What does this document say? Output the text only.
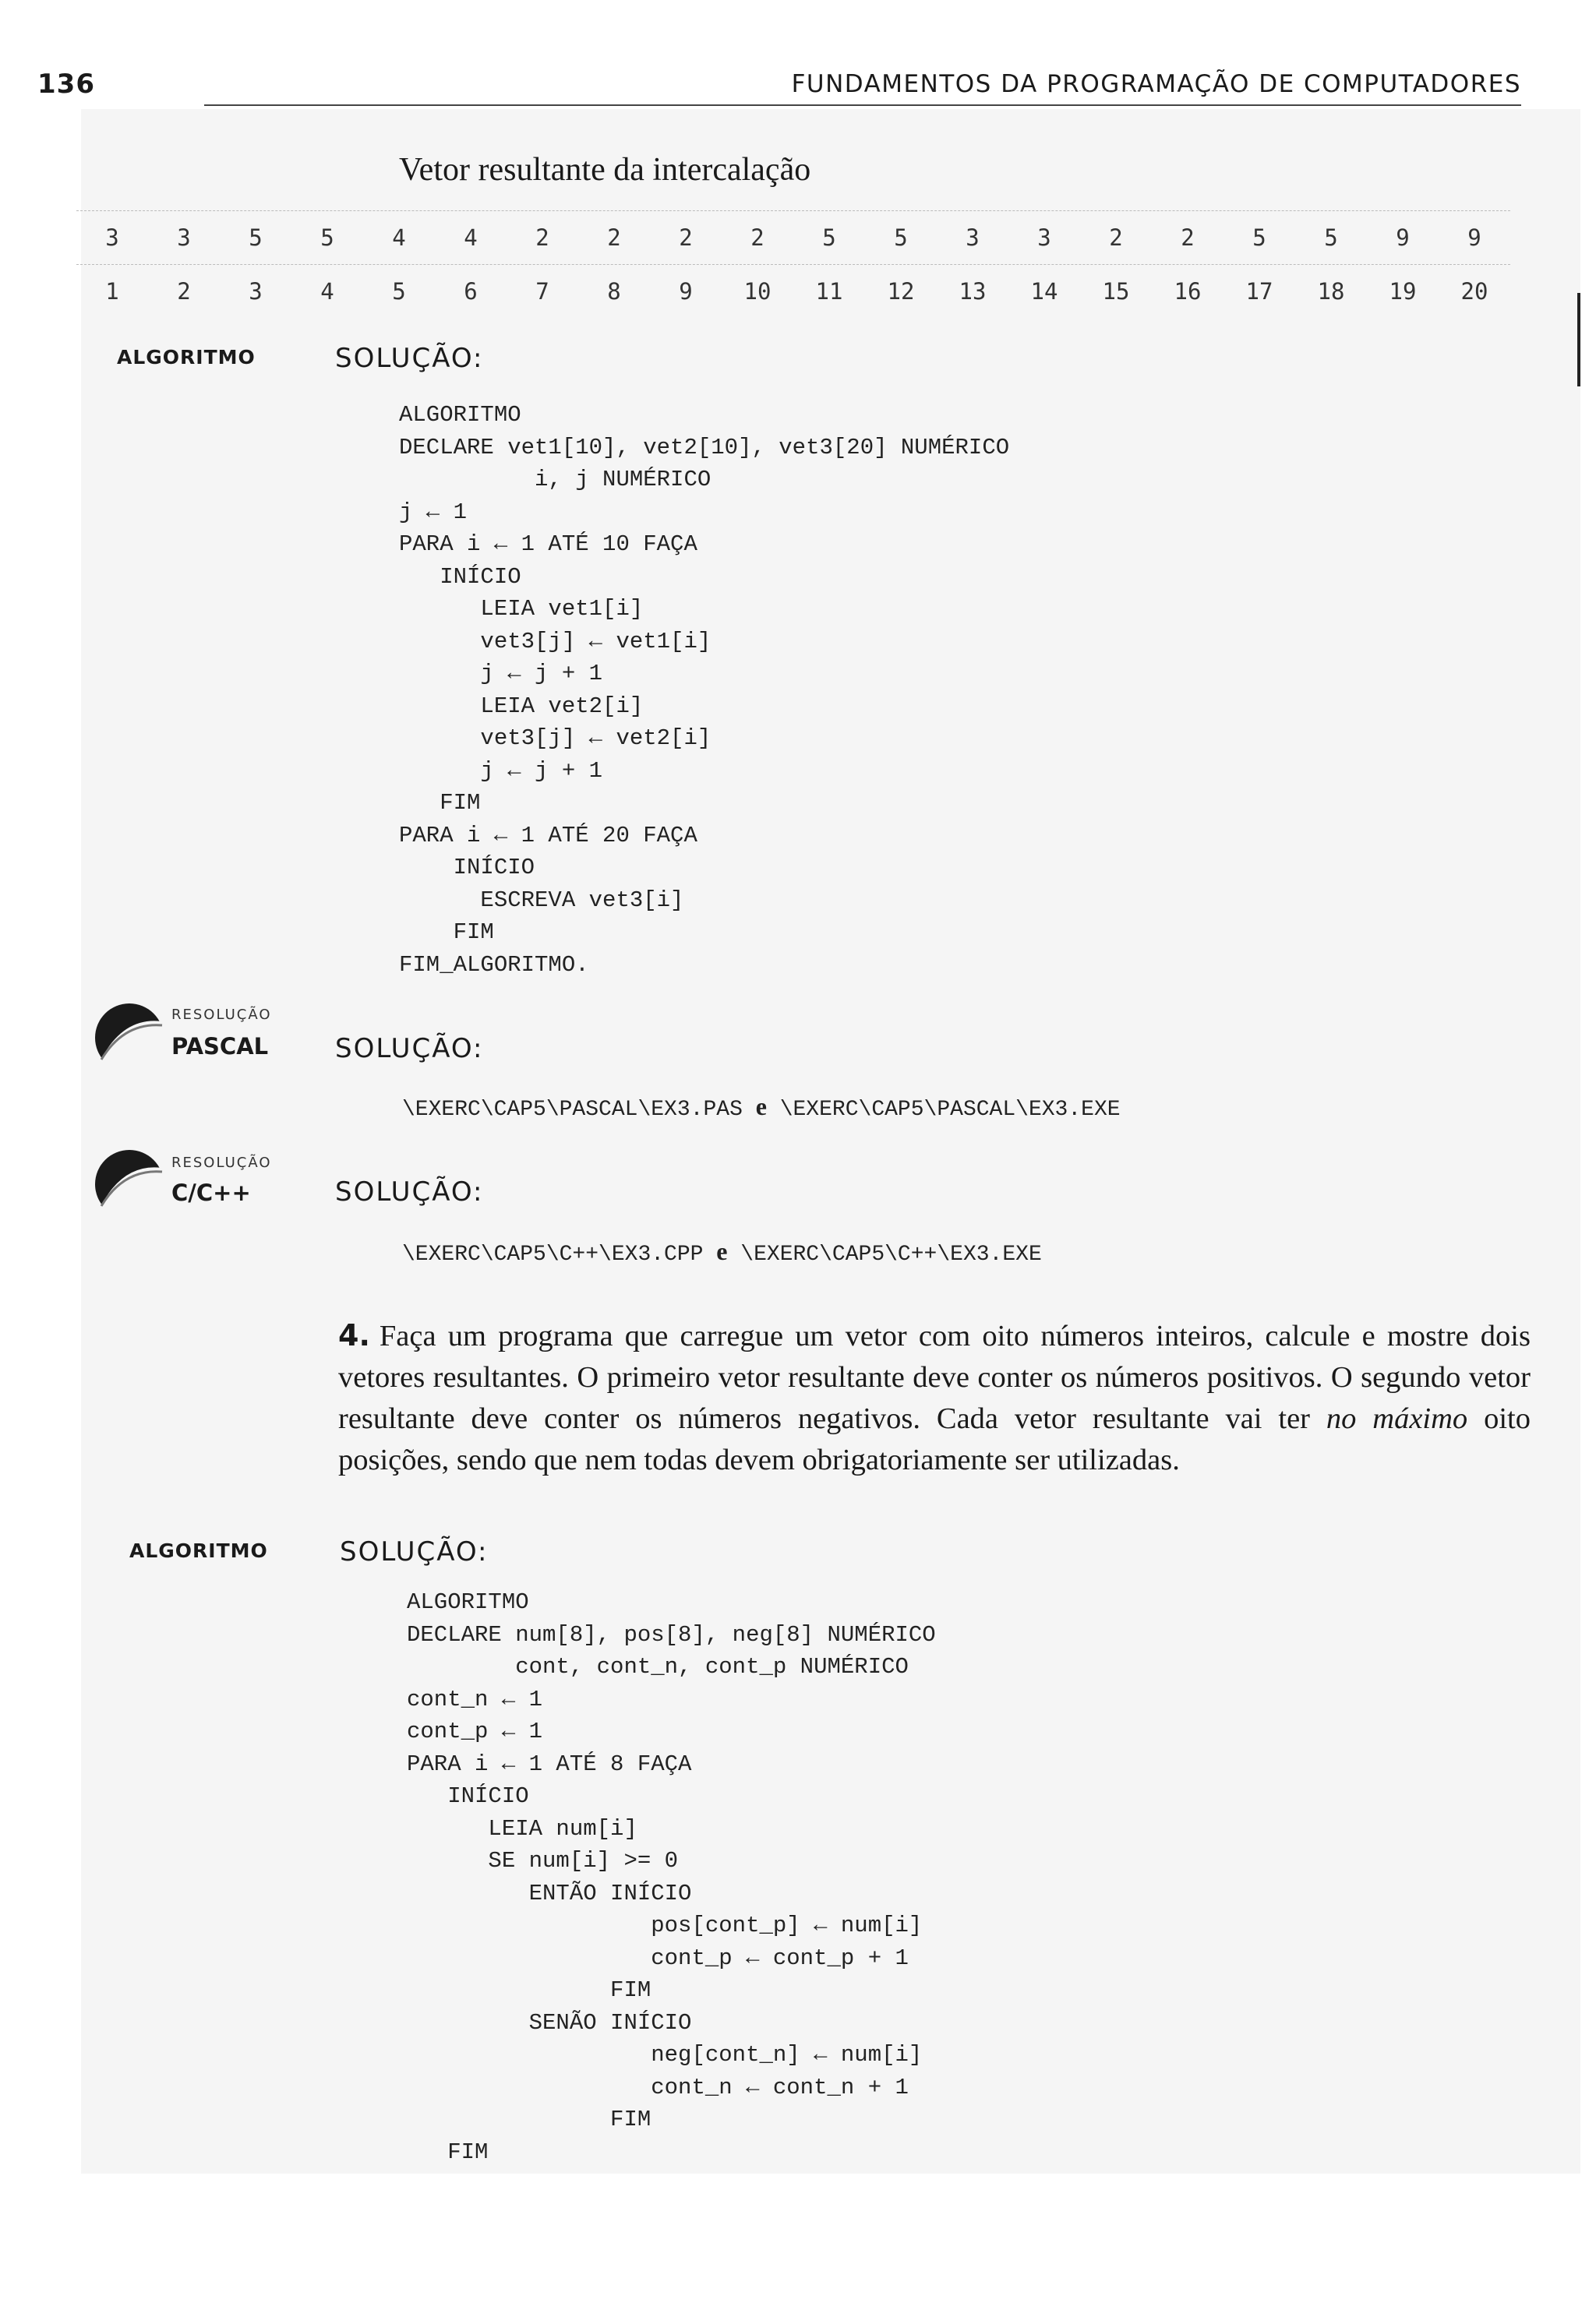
136	FUNDAMENTOS DA PROGRAMAÇÃO DE COMPUTADORES
Vetor resultante da intercalação
3	3	5	5	4	4	2	2	2	2	5	5	3	3	2	2	5	5	9	9
1	2	3	4	5	6	7	8	9	10	11	12	13	14	15	16	17	18	19	20
ALGORITMO	SOLUÇÃO:
ALGORITMO
DECLARE vet1[10], vet2[10], vet3[20] NUMÉRICO
i, j NUMÉRICO
j ← 1
PARA i ← 1 ATÉ 10 FAÇA
INÍCIO
LEIA vet1[i]
vet3[j] ← vet1[i]
j ← j + 1
LEIA vet2[i]
vet3[j] ← vet2[i]
j ← j + 1
FIM
PARA i ← 1 ATÉ 20 FAÇA
INÍCIO
ESCREVA vet3[i]
FIM
FIM_ALGORITMO.
RESOLUÇÃO
PASCAL	SOLUÇÃO:
\EXERC\CAP5\PASCAL\EX3.PAS e \EXERC\CAP5\PASCAL\EX3.EXE
RESOLUÇÃO
C/C++	SOLUÇÃO:
\EXERC\CAP5\C++\EX3.CPP e \EXERC\CAP5\C++\EX3.EXE
4. Faça um programa que carregue um vetor com oito números inteiros, calcule e mostre dois vetores resultantes. O primeiro vetor resultante deve conter os números positivos. O segundo vetor resultante deve conter os números negativos. Cada vetor resultante vai ter no máximo oito posições, sendo que nem todas devem obrigatoriamente ser utilizadas.
ALGORITMO	SOLUÇÃO:
ALGORITMO
DECLARE num[8], pos[8], neg[8] NUMÉRICO
cont, cont_n, cont_p NUMÉRICO
cont_n ← 1
cont_p ← 1
PARA i ← 1 ATÉ 8 FAÇA
INÍCIO
LEIA num[i]
SE num[i] >= 0
ENTÃO INÍCIO
pos[cont_p] ← num[i]
cont_p ← cont_p + 1
FIM
SENÃO INÍCIO
neg[cont_n] ← num[i]
cont_n ← cont_n + 1
FIM
FIM
